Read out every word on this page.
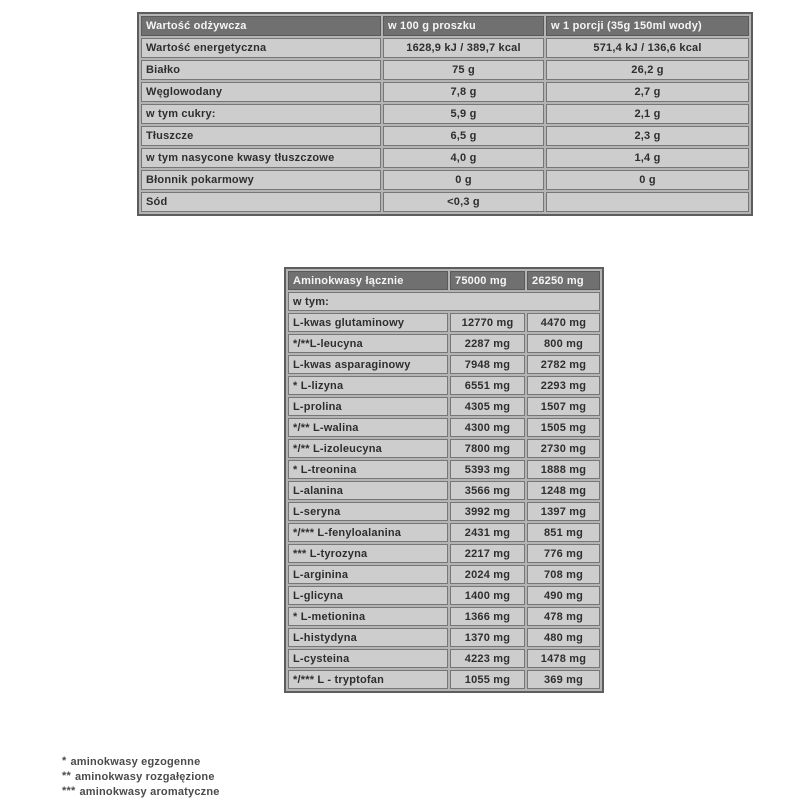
Wartość odżywcza	w 100 g proszku	w 1 porcji (35g 150ml wody)
Wartość energetyczna	1628,9 kJ / 389,7 kcal	571,4 kJ / 136,6 kcal
Białko	75 g	26,2 g
Węglowodany	7,8 g	2,7 g
w tym cukry:	5,9 g	2,1 g
Tłuszcze	6,5 g	2,3 g
w tym nasycone kwasy tłuszczowe	4,0 g	1,4 g
Błonnik pokarmowy	0 g	0 g
Sód	<0,3 g	
Aminokwasy łącznie	75000 mg	26250 mg
w tym:		
L-kwas glutaminowy	12770 mg	4470 mg
*/**L-leucyna	2287 mg	800 mg
L-kwas asparaginowy	7948 mg	2782 mg
* L-lizyna	6551 mg	2293 mg
L-prolina	4305 mg	1507 mg
*/** L-walina	4300 mg	1505 mg
*/** L-izoleucyna	7800 mg	2730 mg
* L-treonina	5393 mg	1888 mg
L-alanina	3566 mg	1248 mg
L-seryna	3992 mg	1397 mg
*/*** L-fenyloalanina	2431 mg	851 mg
*** L-tyrozyna	2217 mg	776 mg
L-arginina	2024 mg	708 mg
L-glicyna	1400 mg	490 mg
* L-metionina	1366 mg	478 mg
L-histydyna	1370 mg	480 mg
L-cysteina	4223 mg	1478 mg
*/*** L - tryptofan	1055 mg	369 mg
* aminokwasy egzogenne
** aminokwasy rozgałęzione
*** aminokwasy aromatyczne
